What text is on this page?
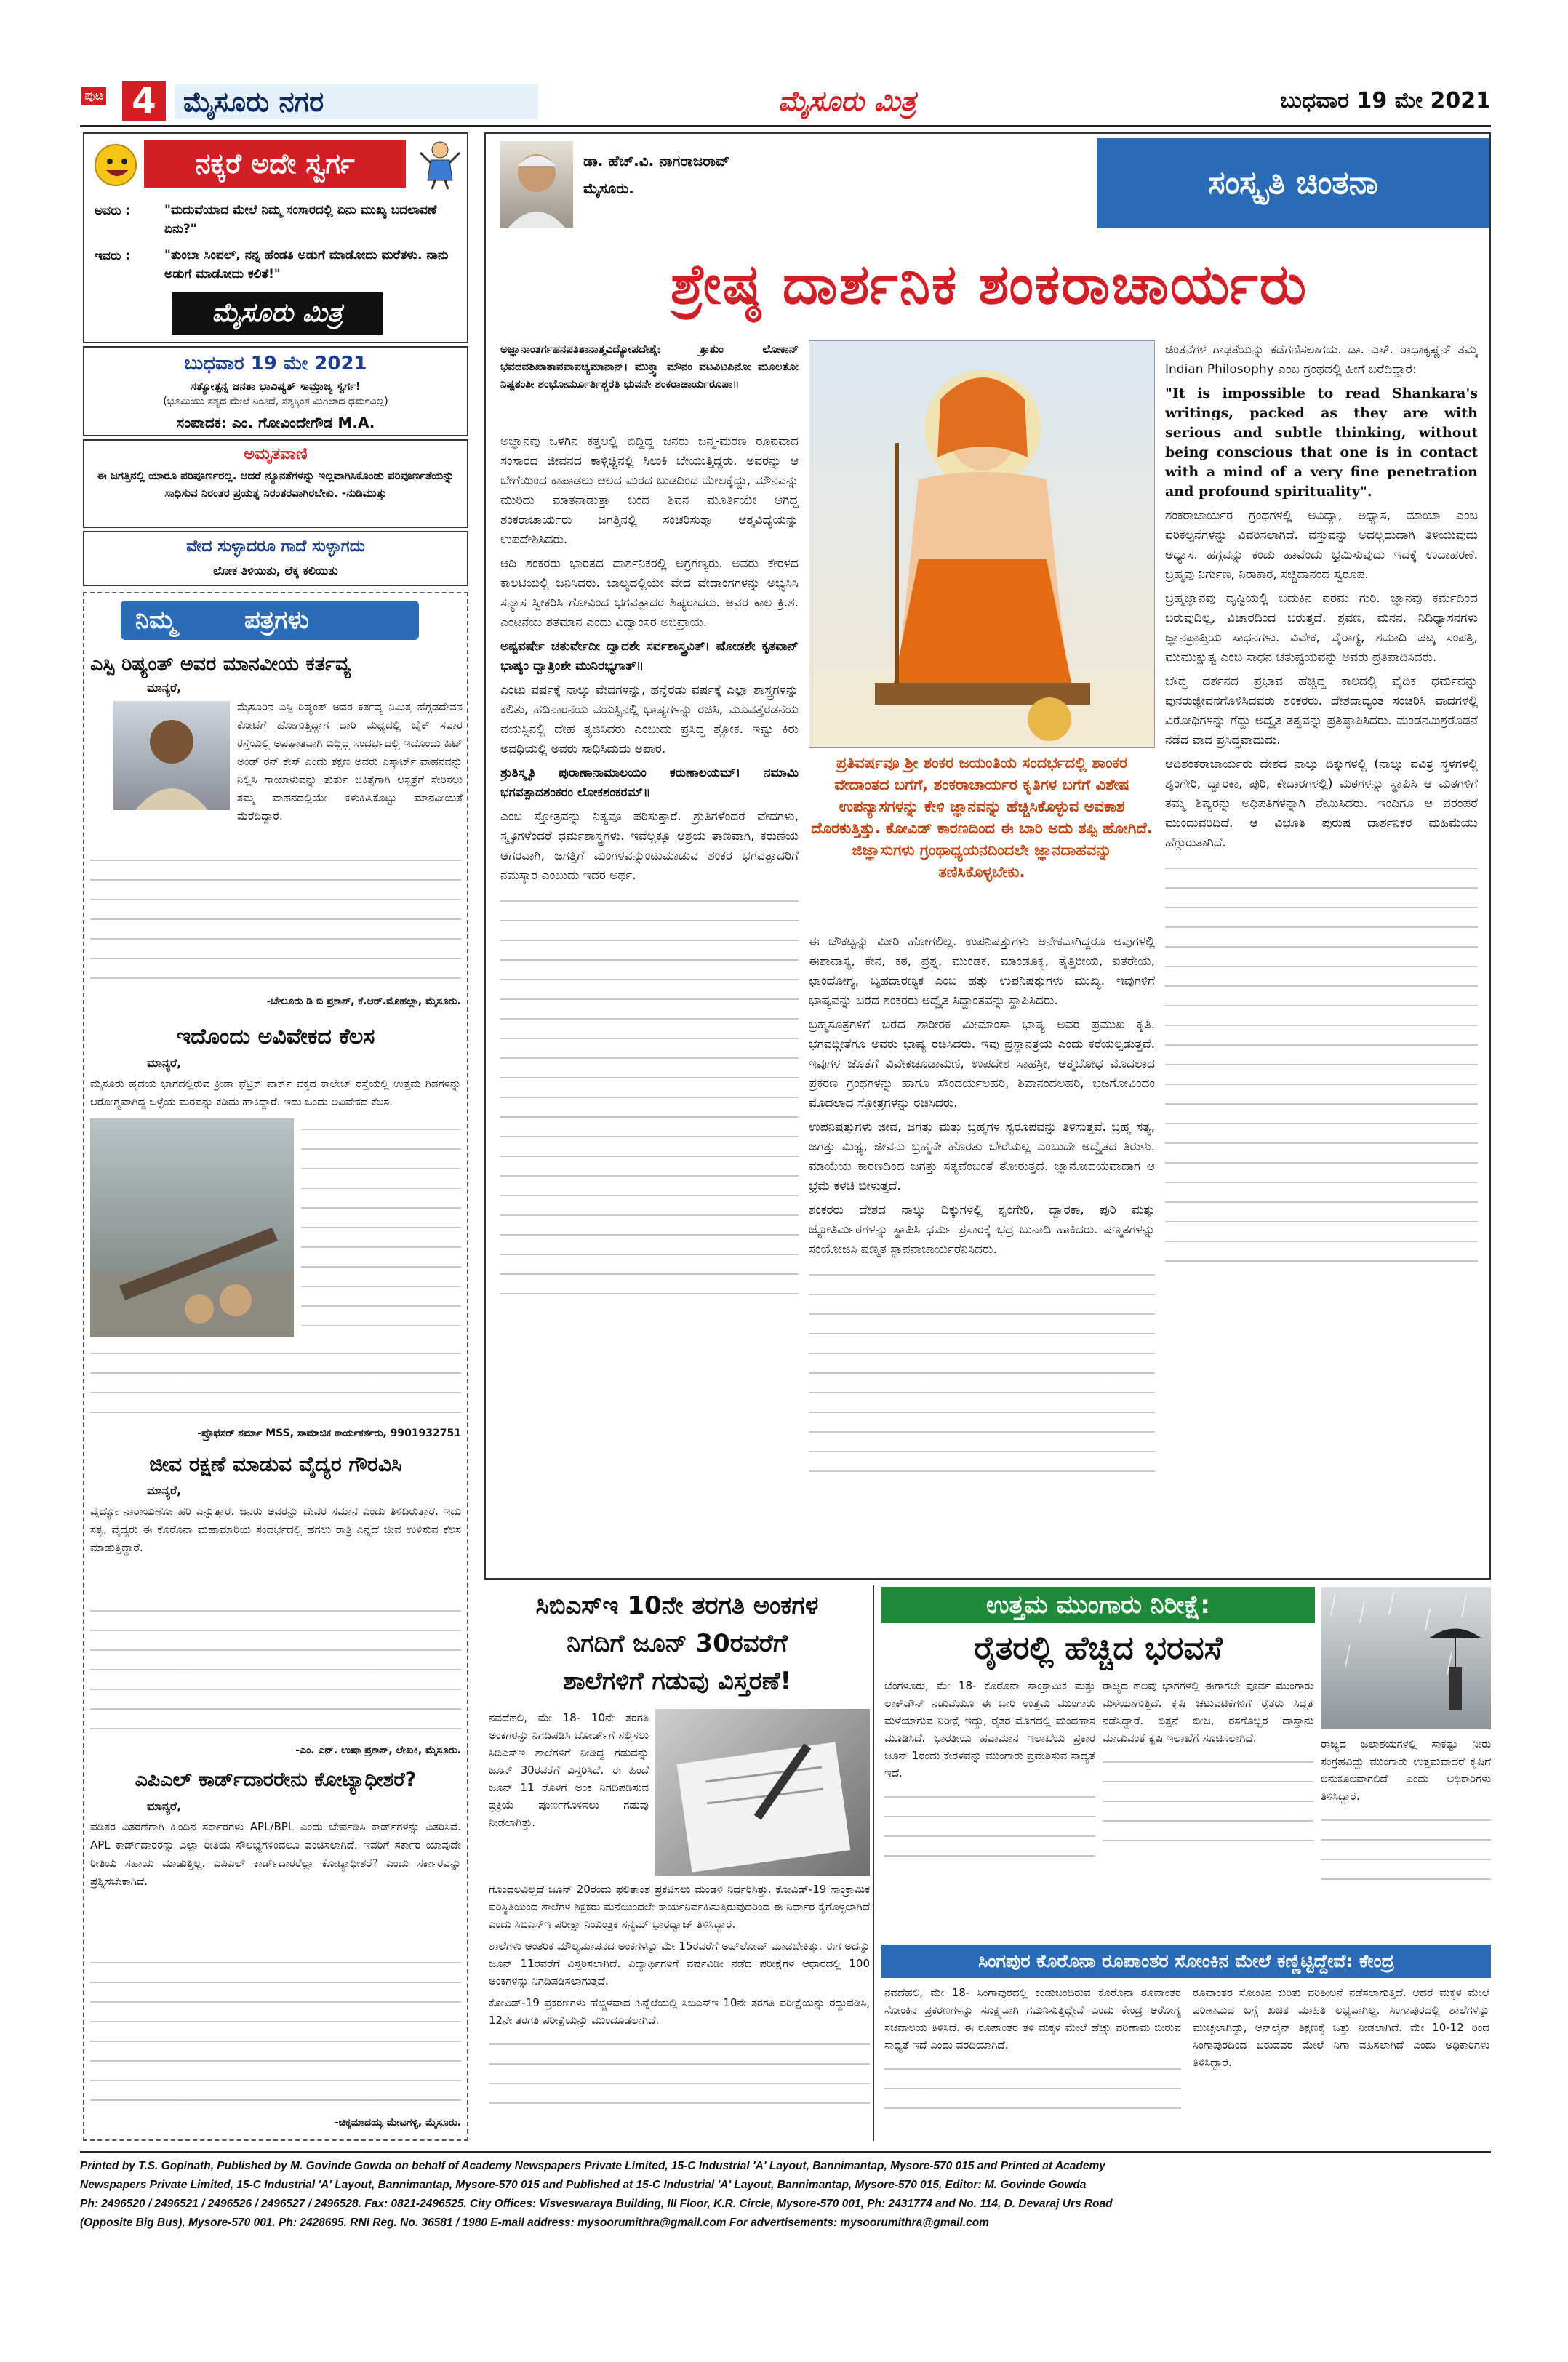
ಪುಟ 4 ಮೈಸೂರು ನಗರ	ಮೈಸೂರು ಮಿತ್ರ	ಬುಧವಾರ 19 ಮೇ 2021
ನಕ್ಕರೆ ಅದೇ ಸ್ವರ್ಗ
ಅವರು :	"ಮದುವೆಯಾದ ಮೇಲೆ ನಿಮ್ಮ ಸಂಸಾರದಲ್ಲಿ ಏನು ಮುಖ್ಯ ಬದಲಾವಣೆ ಏನು?"
ಇವರು :	"ತುಂಬಾ ಸಿಂಪಲ್, ನನ್ನ ಹೆಂಡತಿ ಅಡುಗೆ ಮಾಡೋದು ಮರೆತಳು. ನಾನು ಅಡುಗೆ ಮಾಡೋದು ಕಲಿತೆ!"
ಮೈಸೂರು ಮಿತ್ರ
ಬುಧವಾರ 19 ಮೇ 2021
ಸತ್ಯೋತ್ಪನ್ನ ಜನತಾ ಭಾವಿಷ್ಯತ್ ಸಾಮ್ರಾಜ್ಯ ಸ್ವರ್ಗ!
(ಭೂಮಿಯು ಸತ್ಯದ ಮೇಲೆ ನಿಂತಿದೆ, ಸತ್ಯಕ್ಕಿಂತ ಮಿಗಿಲಾದ ಧರ್ಮವಿಲ್ಲ)
ಸಂಪಾದಕ: ಎಂ. ಗೋವಿಂದೇಗೌಡ M.A.
ಅಮೃತವಾಣಿ
ಈ ಜಗತ್ತಿನಲ್ಲಿ ಯಾರೂ ಪರಿಪೂರ್ಣರಲ್ಲ. ಆದರೆ ನ್ಯೂನತೆಗಳನ್ನು ಇಲ್ಲವಾಗಿಸಿಕೊಂಡು ಪರಿಪೂರ್ಣತೆಯನ್ನು ಸಾಧಿಸುವ ನಿರಂತರ ಪ್ರಯತ್ನ ನಿರಂತರವಾಗಿರಬೇಕು. -ನುಡಿಮುತ್ತು
ವೇದ ಸುಳ್ಳಾದರೂ ಗಾದೆ ಸುಳ್ಳಾಗದು
ಲೋಕ ತಿಳಿಯಿತು, ಲೆಕ್ಕ ಕಲಿಯಿತು
ನಿಮ್ಮ	ಪತ್ರಗಳು
ಎಸ್ಪಿ ರಿಷ್ಯಂತ್ ಅವರ ಮಾನವೀಯ ಕರ್ತವ್ಯ
ಮಾನ್ಯರೆ,
ಮೈಸೂರಿನ ಎಸ್ಪಿ ರಿಷ್ಯಂತ್ ಅವರ ಕರ್ತವ್ಯ ನಿಮಿತ್ತ ಹೆಗ್ಗಡದೇವನ ಕೋಟೆಗೆ ಹೋಗುತ್ತಿದ್ದಾಗ ದಾರಿ ಮಧ್ಯದಲ್ಲಿ ಬೈಕ್ ಸವಾರ ರಸ್ತೆಯಲ್ಲಿ ಅಪಘಾತವಾಗಿ ಬಿದ್ದಿದ್ದ ಸಂದರ್ಭದಲ್ಲಿ ಇದೊಂದು ಹಿಟ್ ಅಂಡ್ ರನ್ ಕೇಸ್ ಎಂದು ತಕ್ಷಣ ಅವರು ಎಸ್ಕಾರ್ಟ್ ವಾಹನವನ್ನು ನಿಲ್ಲಿಸಿ ಗಾಯಾಳುವನ್ನು ತುರ್ತು ಚಿಕಿತ್ಸೆಗಾಗಿ ಆಸ್ಪತ್ರೆಗೆ ಸೇರಿಸಲು ತಮ್ಮ ವಾಹನದಲ್ಲಿಯೇ ಕಳುಹಿಸಿಕೊಟ್ಟು ಮಾನವೀಯತೆ ಮೆರೆದಿದ್ದಾರೆ.
-ಬೇಲೂರು ಡಿ ಬಿ ಪ್ರಕಾಶ್, ಕೆ.ಆರ್.ಮೊಹಲ್ಲಾ, ಮೈಸೂರು.
ಇದೊಂದು ಅವಿವೇಕದ ಕೆಲಸ
ಮಾನ್ಯರೆ,
ಮೈಸೂರು ಹೃದಯ ಭಾಗದಲ್ಲಿರುವ ಕ್ರೀಡಾ ಫೆಟ್ರಿಕ್ ಪಾರ್ಕ್ ಪಕ್ಕದ ಕಾಲೇಜ್ ರಸ್ತೆಯಲ್ಲಿ ಉತ್ತಮ ಗಿಡಗಳನ್ನು ಆರೋಗ್ಯವಾಗಿದ್ದ ಒಳ್ಳೆಯ ಮರವನ್ನು ಕಡಿದು ಹಾಕಿದ್ದಾರೆ. ಇದು ಒಂದು ಅವಿವೇಕದ ಕೆಲಸ.
-ಪ್ರೊಫೆಸರ್ ಶರ್ಮಾ MSS, ಸಾಮಾಜಿಕ ಕಾರ್ಯಕರ್ತರು, 9901932751
ಜೀವ ರಕ್ಷಣೆ ಮಾಡುವ ವೈದ್ಯರ ಗೌರವಿಸಿ
ಮಾನ್ಯರೆ,
ವೈದ್ಯೋ ನಾರಾಯಣೋ ಹರಿ ಎನ್ನುತ್ತಾರೆ. ಜನರು ಅವರನ್ನು ದೇವರ ಸಮಾನ ಎಂದು ತಿಳಿದಿರುತ್ತಾರೆ. ಇದು ಸತ್ಯ, ವೈದ್ಯರು ಈ ಕೊರೊನಾ ಮಹಾಮಾರಿಯ ಸಂದರ್ಭದಲ್ಲಿ ಹಗಲು ರಾತ್ರಿ ಎನ್ನದೆ ಜೀವ ಉಳಿಸುವ ಕೆಲಸ ಮಾಡುತ್ತಿದ್ದಾರೆ.
-ಎಂ. ಎನ್. ಉಷಾ ಪ್ರಕಾಶ್, ಲೇಖಕಿ, ಮೈಸೂರು.
ಎಪಿಎಲ್ ಕಾರ್ಡ್‌ದಾರರೇನು ಕೋಟ್ಯಾಧೀಶರೆ?
ಮಾನ್ಯರೆ,
ಪಡಿತರ ವಿತರಣೆಗಾಗಿ ಹಿಂದಿನ ಸರ್ಕಾರಗಳು APL/BPL ಎಂದು ಬೇರ್ಪಡಿಸಿ ಕಾರ್ಡ್‌ಗಳನ್ನು ವಿತರಿಸಿವೆ. APL ಕಾರ್ಡ್‌ದಾರರನ್ನು ಎಲ್ಲಾ ರೀತಿಯ ಸೌಲಭ್ಯಗಳಿಂದಲೂ ವಂಚಿಸಲಾಗಿದೆ. ಇವರಿಗೆ ಸರ್ಕಾರ ಯಾವುದೇ ರೀತಿಯ ಸಹಾಯ ಮಾಡುತ್ತಿಲ್ಲ. ಎಪಿಎಲ್ ಕಾರ್ಡ್‌ದಾರರೆಲ್ಲಾ ಕೋಟ್ಯಾಧೀಶರೆ? ಎಂದು ಸರ್ಕಾರವನ್ನು ಪ್ರಶ್ನಿಸಬೇಕಾಗಿದೆ.
-ಚಿಕ್ಕಮಾದಯ್ಯ ಮೇಟಗಳ್ಳಿ, ಮೈಸೂರು.
ಡಾ. ಹೆಚ್.ವಿ. ನಾಗರಾಜರಾವ್
ಮೈಸೂರು.	ಸಂಸ್ಕೃತಿ ಚಿಂತನಾ
ಶ್ರೇಷ್ಠ ದಾರ್ಶನಿಕ ಶಂಕರಾಚಾರ್ಯರು
ಅಜ್ಞಾನಾಂತರ್ಗಹನಪತಿತಾನಾತ್ಮವಿದ್ಯೋಪದೇಶೈಃ ತ್ರಾತುಂ ಲೋಕಾನ್ ಭವದವಶಿಖಾತಾಪಪಾಪಚ್ಯಮಾನಾನ್। ಮುಕ್ತ್ವಾ ಮೌನಂ ವಟವಿಟಪಿನೋ ಮೂಲತೋ ನಿಷ್ಪತಂತೀ ಶಂಭೋರ್ಮೂರ್ತಿಶ್ಚರತಿ ಭುವನೇ ಶಂಕರಾಚಾರ್ಯರೂಪಾ॥

ಅಜ್ಞಾನವು ಒಳಗಿನ ಕತ್ತಲಲ್ಲಿ ಬಿದ್ದಿದ್ದ ಜನರು ಜನ್ಮ-ಮರಣ ರೂಪವಾದ ಸಂಸಾರದ ಜೀವನದ ಕಾಳ್ಗಿಚ್ಚಿನಲ್ಲಿ ಸಿಲುಕಿ ಬೇಯುತ್ತಿದ್ದರು. ಅವರನ್ನು ಆ ಬೇಗೆಯಿಂದ ಕಾಪಾಡಲು ಆಲದ ಮರದ ಬುಡದಿಂದ ಮೇಲಕ್ಕೆದ್ದು, ಮೌನವನ್ನು ಮುರಿದು ಮಾತನಾಡುತ್ತಾ ಬಂದ ಶಿವನ ಮೂರ್ತಿಯೇ ಆಗಿದ್ದ ಶಂಕರಾಚಾರ್ಯರು ಜಗತ್ತಿನಲ್ಲಿ ಸಂಚರಿಸುತ್ತಾ ಆತ್ಮವಿದ್ಯೆಯನ್ನು ಉಪದೇಶಿಸಿದರು.

ಆದಿ ಶಂಕರರು ಭಾರತದ ದಾರ್ಶನಿಕರಲ್ಲಿ ಅಗ್ರಗಣ್ಯರು. ಅವರು ಕೇರಳದ ಕಾಲಟಿಯಲ್ಲಿ ಜನಿಸಿದರು. ಬಾಲ್ಯದಲ್ಲಿಯೇ ವೇದ ವೇದಾಂಗಗಳನ್ನು ಅಭ್ಯಸಿಸಿ ಸನ್ಯಾಸ ಸ್ವೀಕರಿಸಿ ಗೋವಿಂದ ಭಗವತ್ಪಾದರ ಶಿಷ್ಯರಾದರು. ಅವರ ಕಾಲ ಕ್ರಿ.ಶ. ಎಂಟನೆಯ ಶತಮಾನ ಎಂದು ವಿದ್ವಾಂಸರ ಅಭಿಪ್ರಾಯ.

ಅಷ್ಟವರ್ಷೇ ಚತುರ್ವೇದೀ ದ್ವಾದಶೇ ಸರ್ವಶಾಸ್ತ್ರವಿತ್। ಷೋಡಶೇ ಕೃತವಾನ್ ಭಾಷ್ಯಂ ದ್ವಾತ್ರಿಂಶೇ ಮುನಿರಭ್ಯಗಾತ್॥

ಎಂಟು ವರ್ಷಕ್ಕೆ ನಾಲ್ಕು ವೇದಗಳನ್ನು, ಹನ್ನೆರಡು ವರ್ಷಕ್ಕೆ ಎಲ್ಲಾ ಶಾಸ್ತ್ರಗಳನ್ನು ಕಲಿತು, ಹದಿನಾರನೆಯ ವಯಸ್ಸಿನಲ್ಲಿ ಭಾಷ್ಯಗಳನ್ನು ರಚಿಸಿ, ಮೂವತ್ತೆರಡನೆಯ ವಯಸ್ಸಿನಲ್ಲಿ ದೇಹ ತ್ಯಜಿಸಿದರು ಎಂಬುದು ಪ್ರಸಿದ್ಧ ಶ್ಲೋಕ. ಇಷ್ಟು ಕಿರು ಅವಧಿಯಲ್ಲಿ ಅವರು ಸಾಧಿಸಿದುದು ಅಪಾರ.

ಶ್ರುತಿಸ್ಮೃತಿ ಪುರಾಣಾನಾಮಾಲಯಂ ಕರುಣಾಲಯಮ್। ನಮಾಮಿ ಭಗವತ್ಪಾದಶಂಕರಂ ಲೋಕಶಂಕರಮ್॥

ಎಂಬ ಸ್ತೋತ್ರವನ್ನು ನಿತ್ಯವೂ ಪಠಿಸುತ್ತಾರೆ. ಶ್ರುತಿಗಳೆಂದರೆ ವೇದಗಳು, ಸ್ಮೃತಿಗಳೆಂದರೆ ಧರ್ಮಶಾಸ್ತ್ರಗಳು. ಇವೆಲ್ಲಕ್ಕೂ ಆಶ್ರಯ ತಾಣವಾಗಿ, ಕರುಣೆಯ ಆಗರವಾಗಿ, ಜಗತ್ತಿಗೆ ಮಂಗಳವನ್ನುಂಟುಮಾಡುವ ಶಂಕರ ಭಗವತ್ಪಾದರಿಗೆ ನಮಸ್ಕಾರ ಎಂಬುದು ಇದರ ಅರ್ಥ.

ಪ್ರತಿವರ್ಷವೂ ಶ್ರೀ ಶಂಕರ ಜಯಂತಿಯ ಸಂದರ್ಭದಲ್ಲಿ ಶಾಂಕರ ವೇದಾಂತದ ಬಗೆಗೆ, ಶಂಕರಾಚಾರ್ಯರ ಕೃತಿಗಳ ಬಗೆಗೆ ವಿಶೇಷ ಉಪನ್ಯಾಸಗಳನ್ನು ಕೇಳಿ ಜ್ಞಾನವನ್ನು ಹೆಚ್ಚಿಸಿಕೊಳ್ಳುವ ಅವಕಾಶ ದೊರಕುತ್ತಿತ್ತು. ಕೋವಿಡ್ ಕಾರಣದಿಂದ ಈ ಬಾರಿ ಅದು ತಪ್ಪಿ ಹೋಗಿದೆ. ಜಿಜ್ಞಾಸುಗಳು ಗ್ರಂಥಾಧ್ಯಯನದಿಂದಲೇ ಜ್ಞಾನದಾಹವನ್ನು ತಣಿಸಿಕೊಳ್ಳಬೇಕು.

ಈ ಚೌಕಟ್ಟನ್ನು ಮೀರಿ ಹೋಗಲಿಲ್ಲ. ಉಪನಿಷತ್ತುಗಳು ಅನೇಕವಾಗಿದ್ದರೂ ಅವುಗಳಲ್ಲಿ ಈಶಾವಾಸ್ಯ, ಕೇನ, ಕಠ, ಪ್ರಶ್ನ, ಮುಂಡಕ, ಮಾಂಡೂಕ್ಯ, ತೈತ್ತಿರೀಯ, ಐತರೇಯ, ಛಾಂದೋಗ್ಯ, ಬೃಹದಾರಣ್ಯಕ ಎಂಬ ಹತ್ತು ಉಪನಿಷತ್ತುಗಳು ಮುಖ್ಯ. ಇವುಗಳಿಗೆ ಭಾಷ್ಯವನ್ನು ಬರೆದ ಶಂಕರರು ಅದ್ವೈತ ಸಿದ್ಧಾಂತವನ್ನು ಸ್ಥಾಪಿಸಿದರು.

ಬ್ರಹ್ಮಸೂತ್ರಗಳಿಗೆ ಬರೆದ ಶಾರೀರಕ ಮೀಮಾಂಸಾ ಭಾಷ್ಯ ಅವರ ಪ್ರಮುಖ ಕೃತಿ. ಭಗವದ್ಗೀತೆಗೂ ಅವರು ಭಾಷ್ಯ ರಚಿಸಿದರು. ಇವು ಪ್ರಸ್ಥಾನತ್ರಯ ಎಂದು ಕರೆಯಲ್ಪಡುತ್ತವೆ. ಇವುಗಳ ಜೊತೆಗೆ ವಿವೇಕಚೂಡಾಮಣಿ, ಉಪದೇಶ ಸಾಹಸ್ರೀ, ಆತ್ಮಬೋಧ ಮೊದಲಾದ ಪ್ರಕರಣ ಗ್ರಂಥಗಳನ್ನು ಹಾಗೂ ಸೌಂದರ್ಯಲಹರಿ, ಶಿವಾನಂದಲಹರಿ, ಭಜಗೋವಿಂದಂ ಮೊದಲಾದ ಸ್ತೋತ್ರಗಳನ್ನು ರಚಿಸಿದರು.

ಉಪನಿಷತ್ತುಗಳು ಜೀವ, ಜಗತ್ತು ಮತ್ತು ಬ್ರಹ್ಮಗಳ ಸ್ವರೂಪವನ್ನು ತಿಳಿಸುತ್ತವೆ. ಬ್ರಹ್ಮ ಸತ್ಯ, ಜಗತ್ತು ಮಿಥ್ಯ, ಜೀವನು ಬ್ರಹ್ಮನೇ ಹೊರತು ಬೇರೆಯಲ್ಲ ಎಂಬುದೇ ಅದ್ವೈತದ ತಿರುಳು. ಮಾಯೆಯ ಕಾರಣದಿಂದ ಜಗತ್ತು ಸತ್ಯವೆಂಬಂತೆ ತೋರುತ್ತದೆ. ಜ್ಞಾನೋದಯವಾದಾಗ ಆ ಭ್ರಮೆ ಕಳಚಿ ಬೀಳುತ್ತದೆ.

ಶಂಕರರು ದೇಶದ ನಾಲ್ಕು ದಿಕ್ಕುಗಳಲ್ಲಿ ಶೃಂಗೇರಿ, ದ್ವಾರಕಾ, ಪುರಿ ಮತ್ತು ಜ್ಯೋತಿರ್ಮಠಗಳನ್ನು ಸ್ಥಾಪಿಸಿ ಧರ್ಮ ಪ್ರಸಾರಕ್ಕೆ ಭದ್ರ ಬುನಾದಿ ಹಾಕಿದರು. ಷಣ್ಮತಗಳನ್ನು ಸಂಯೋಜಿಸಿ ಷಣ್ಮತ ಸ್ಥಾಪನಾಚಾರ್ಯರೆನಿಸಿದರು.

ಚಿಂತನೆಗಳ ಗಾಢತೆಯನ್ನು ಕಡೆಗಣಿಸಲಾಗದು. ಡಾ. ಎಸ್. ರಾಧಾಕೃಷ್ಣನ್ ತಮ್ಮ Indian Philosophy ಎಂಬ ಗ್ರಂಥದಲ್ಲಿ ಹೀಗೆ ಬರೆದಿದ್ದಾರೆ:

"It is impossible to read Shankara's writings, packed as they are with serious and subtle thinking, without being conscious that one is in contact with a mind of a very fine penetration and profound spirituality".

ಶಂಕರಾಚಾರ್ಯರ ಗ್ರಂಥಗಳಲ್ಲಿ ಅವಿದ್ಯಾ, ಅಧ್ಯಾಸ, ಮಾಯಾ ಎಂಬ ಪರಿಕಲ್ಪನೆಗಳನ್ನು ವಿವರಿಸಲಾಗಿದೆ. ವಸ್ತುವನ್ನು ಅದಲ್ಲದುದಾಗಿ ತಿಳಿಯುವುದು ಅಧ್ಯಾಸ. ಹಗ್ಗವನ್ನು ಕಂಡು ಹಾವೆಂದು ಭ್ರಮಿಸುವುದು ಇದಕ್ಕೆ ಉದಾಹರಣೆ. ಬ್ರಹ್ಮವು ನಿರ್ಗುಣ, ನಿರಾಕಾರ, ಸಚ್ಚಿದಾನಂದ ಸ್ವರೂಪ.

ಬ್ರಹ್ಮಜ್ಞಾನವು ದೃಷ್ಟಿಯಲ್ಲಿ ಬದುಕಿನ ಪರಮ ಗುರಿ. ಜ್ಞಾನವು ಕರ್ಮದಿಂದ ಬರುವುದಿಲ್ಲ, ವಿಚಾರದಿಂದ ಬರುತ್ತದೆ. ಶ್ರವಣ, ಮನನ, ನಿದಿಧ್ಯಾಸನಗಳು ಜ್ಞಾನಪ್ರಾಪ್ತಿಯ ಸಾಧನಗಳು. ವಿವೇಕ, ವೈರಾಗ್ಯ, ಶಮಾದಿ ಷಟ್ಕ ಸಂಪತ್ತಿ, ಮುಮುಕ್ಷುತ್ವ ಎಂಬ ಸಾಧನ ಚತುಷ್ಟಯವನ್ನು ಅವರು ಪ್ರತಿಪಾದಿಸಿದರು.

ಬೌದ್ಧ ದರ್ಶನದ ಪ್ರಭಾವ ಹೆಚ್ಚಿದ್ದ ಕಾಲದಲ್ಲಿ ವೈದಿಕ ಧರ್ಮವನ್ನು ಪುನರುಜ್ಜೀವನಗೊಳಿಸಿದವರು ಶಂಕರರು. ದೇಶದಾದ್ಯಂತ ಸಂಚರಿಸಿ ವಾದಗಳಲ್ಲಿ ವಿರೋಧಿಗಳನ್ನು ಗೆದ್ದು ಅದ್ವೈತ ತತ್ವವನ್ನು ಪ್ರತಿಷ್ಠಾಪಿಸಿದರು. ಮಂಡನಮಿಶ್ರರೊಡನೆ ನಡೆದ ವಾದ ಪ್ರಸಿದ್ಧವಾದುದು.

ಆದಿಶಂಕರಾಚಾರ್ಯರು ದೇಶದ ನಾಲ್ಕು ದಿಕ್ಕುಗಳಲ್ಲಿ (ನಾಲ್ಕು ಪವಿತ್ರ ಸ್ಥಳಗಳಲ್ಲಿ ಶೃಂಗೇರಿ, ದ್ವಾರಕಾ, ಪುರಿ, ಕೇದಾರಗಳಲ್ಲಿ) ಮಠಗಳನ್ನು ಸ್ಥಾಪಿಸಿ ಆ ಮಠಗಳಿಗೆ ತಮ್ಮ ಶಿಷ್ಯರನ್ನು ಅಧಿಪತಿಗಳನ್ನಾಗಿ ನೇಮಿಸಿದರು. ಇಂದಿಗೂ ಆ ಪರಂಪರೆ ಮುಂದುವರಿದಿದೆ. ಆ ವಿಭೂತಿ ಪುರುಷ ದಾರ್ಶನಿಕರ ಮಹಿಮೆಯು ಹೆಗ್ಗುರುತಾಗಿದೆ.

ಸಿಬಿಎಸ್‌ಇ 10ನೇ ತರಗತಿ ಅಂಕಗಳ
ನಿಗದಿಗೆ ಜೂನ್ 30ರವರೆಗೆ
ಶಾಲೆಗಳಿಗೆ ಗಡುವು ವಿಸ್ತರಣೆ!

ನವದೆಹಲಿ, ಮೇ 18- 10ನೇ ತರಗತಿ ಅಂಕಗಳನ್ನು ನಿಗದಿಪಡಿಸಿ ಬೋರ್ಡ್‌ಗೆ ಸಲ್ಲಿಸಲು ಸಿಬಿಎಸ್‌ಇ ಶಾಲೆಗಳಿಗೆ ನೀಡಿದ್ದ ಗಡುವನ್ನು ಜೂನ್ 30ರವರೆಗೆ ವಿಸ್ತರಿಸಿದೆ. ಈ ಹಿಂದೆ ಜೂನ್ 11 ರೊಳಗೆ ಅಂಕ ನಿಗದಿಪಡಿಸುವ ಪ್ರಕ್ರಿಯೆ ಪೂರ್ಣಗೊಳಿಸಲು ಗಡುವು ನೀಡಲಾಗಿತ್ತು.

ಗೊಂದಲವಿಲ್ಲದೆ ಜೂನ್ 20ರಂದು ಫಲಿತಾಂಶ ಪ್ರಕಟಿಸಲು ಮಂಡಳಿ ನಿರ್ಧರಿಸಿತ್ತು. ಕೋವಿಡ್-19 ಸಾಂಕ್ರಾಮಿಕ ಪರಿಸ್ಥಿತಿಯಿಂದ ಶಾಲೆಗಳ ಶಿಕ್ಷಕರು ಮನೆಯಿಂದಲೇ ಕಾರ್ಯನಿರ್ವಹಿಸುತ್ತಿರುವುದರಿಂದ ಈ ನಿರ್ಧಾರ ಕೈಗೊಳ್ಳಲಾಗಿದೆ ಎಂದು ಸಿಬಿಎಸ್‌ಇ ಪರೀಕ್ಷಾ ನಿಯಂತ್ರಕ ಸನ್ಯಮ್ ಭಾರದ್ವಾಜ್ ತಿಳಿಸಿದ್ದಾರೆ.

ಶಾಲೆಗಳು ಆಂತರಿಕ ಮೌಲ್ಯಮಾಪನದ ಅಂಕಗಳನ್ನು ಮೇ 15ರವರೆಗೆ ಅಪ್‌ಲೋಡ್ ಮಾಡಬೇಕಿತ್ತು. ಈಗ ಅದನ್ನು ಜೂನ್ 11ರವರೆಗೆ ವಿಸ್ತರಿಸಲಾಗಿದೆ. ವಿದ್ಯಾರ್ಥಿಗಳಿಗೆ ವರ್ಷವಿಡೀ ನಡೆದ ಪರೀಕ್ಷೆಗಳ ಆಧಾರದಲ್ಲಿ 100 ಅಂಕಗಳನ್ನು ನಿಗದಿಪಡಿಸಲಾಗುತ್ತದೆ.

ಕೋವಿಡ್-19 ಪ್ರಕರಣಗಳು ಹೆಚ್ಚಳವಾದ ಹಿನ್ನೆಲೆಯಲ್ಲಿ ಸಿಬಿಎಸ್‌ಇ 10ನೇ ತರಗತಿ ಪರೀಕ್ಷೆಯನ್ನು ರದ್ದುಪಡಿಸಿ, 12ನೇ ತರಗತಿ ಪರೀಕ್ಷೆಯನ್ನು ಮುಂದೂಡಲಾಗಿದೆ.

ಉತ್ತಮ ಮುಂಗಾರು ನಿರೀಕ್ಷೆ:
ರೈತರಲ್ಲಿ ಹೆಚ್ಚಿದ ಭರವಸೆ

ಬೆಂಗಳೂರು, ಮೇ 18- ಕೊರೊನಾ ಸಾಂಕ್ರಾಮಿಕ ಮತ್ತು ಲಾಕ್‌ಡೌನ್ ನಡುವೆಯೂ ಈ ಬಾರಿ ಉತ್ತಮ ಮುಂಗಾರು ಮಳೆಯಾಗುವ ನಿರೀಕ್ಷೆ ಇದ್ದು, ರೈತರ ಮೊಗದಲ್ಲಿ ಮಂದಹಾಸ ಮೂಡಿಸಿದೆ. ಭಾರತೀಯ ಹವಾಮಾನ ಇಲಾಖೆಯ ಪ್ರಕಾರ ಜೂನ್ 1ರಂದು ಕೇರಳವನ್ನು ಮುಂಗಾರು ಪ್ರವೇಶಿಸುವ ಸಾಧ್ಯತೆ ಇದೆ.

ರಾಜ್ಯದ ಹಲವು ಭಾಗಗಳಲ್ಲಿ ಈಗಾಗಲೇ ಪೂರ್ವ ಮುಂಗಾರು ಮಳೆಯಾಗುತ್ತಿದೆ. ಕೃಷಿ ಚಟುವಟಿಕೆಗಳಿಗೆ ರೈತರು ಸಿದ್ಧತೆ ನಡೆಸಿದ್ದಾರೆ. ಬಿತ್ತನೆ ಬೀಜ, ರಸಗೊಬ್ಬರ ದಾಸ್ತಾನು ಮಾಡುವಂತೆ ಕೃಷಿ ಇಲಾಖೆಗೆ ಸೂಚಿಸಲಾಗಿದೆ.	ರಾಜ್ಯದ ಜಲಾಶಯಗಳಲ್ಲಿ ಸಾಕಷ್ಟು ನೀರು ಸಂಗ್ರಹವಿದ್ದು ಮುಂಗಾರು ಉತ್ತಮವಾದರೆ ಕೃಷಿಗೆ ಅನುಕೂಲವಾಗಲಿದೆ ಎಂದು ಅಧಿಕಾರಿಗಳು ತಿಳಿಸಿದ್ದಾರೆ.

ಸಿಂಗಪುರ ಕೊರೊನಾ ರೂಪಾಂತರ ಸೋಂಕಿನ ಮೇಲೆ ಕಣ್ಣಿಟ್ಟಿದ್ದೇವೆ: ಕೇಂದ್ರ

ನವದೆಹಲಿ, ಮೇ 18- ಸಿಂಗಾಪುರದಲ್ಲಿ ಕಂಡುಬಂದಿರುವ ಕೊರೊನಾ ರೂಪಾಂತರ ಸೋಂಕಿನ ಪ್ರಕರಣಗಳನ್ನು ಸೂಕ್ಷ್ಮವಾಗಿ ಗಮನಿಸುತ್ತಿದ್ದೇವೆ ಎಂದು ಕೇಂದ್ರ ಆರೋಗ್ಯ ಸಚಿವಾಲಯ ತಿಳಿಸಿದೆ. ಈ ರೂಪಾಂತರ ತಳಿ ಮಕ್ಕಳ ಮೇಲೆ ಹೆಚ್ಚು ಪರಿಣಾಮ ಬೀರುವ ಸಾಧ್ಯತೆ ಇದೆ ಎಂದು ವರದಿಯಾಗಿದೆ.

ರೂಪಾಂತರ ಸೋಂಕಿನ ಕುರಿತು ಪರಿಶೀಲನೆ ನಡೆಸಲಾಗುತ್ತಿದೆ. ಆದರೆ ಮಕ್ಕಳ ಮೇಲೆ ಪರಿಣಾಮದ ಬಗ್ಗೆ ಖಚಿತ ಮಾಹಿತಿ ಲಭ್ಯವಾಗಿಲ್ಲ. ಸಿಂಗಾಪುರದಲ್ಲಿ ಶಾಲೆಗಳನ್ನು ಮುಚ್ಚಲಾಗಿದ್ದು, ಆನ್‌ಲೈನ್ ಶಿಕ್ಷಣಕ್ಕೆ ಒತ್ತು ನೀಡಲಾಗಿದೆ. ಮೇ 10-12 ರಿಂದ ಸಿಂಗಾಪುರದಿಂದ ಬರುವವರ ಮೇಲೆ ನಿಗಾ ವಹಿಸಲಾಗಿದೆ ಎಂದು ಅಧಿಕಾರಿಗಳು ತಿಳಿಸಿದ್ದಾರೆ.

Printed by T.S. Gopinath, Published by M. Govinde Gowda on behalf of Academy Newspapers Private Limited, 15-C Industrial 'A' Layout, Bannimantap, Mysore-570 015 and Printed at Academy
Newspapers Private Limited, 15-C Industrial 'A' Layout, Bannimantap, Mysore-570 015 and Published at 15-C Industrial 'A' Layout, Bannimantap, Mysore-570 015, Editor: M. Govinde Gowda
Ph: 2496520 / 2496521 / 2496526 / 2496527 / 2496528. Fax: 0821-2496525. City Offices: Visveswaraya Building, III Floor, K.R. Circle, Mysore-570 001, Ph: 2431774 and No. 114, D. Devaraj Urs Road
(Opposite Big Bus), Mysore-570 001. Ph: 2428695. RNI Reg. No. 36581 / 1980 E-mail address: mysoorumithra@gmail.com For advertisements: mysoorumithra@gmail.com
